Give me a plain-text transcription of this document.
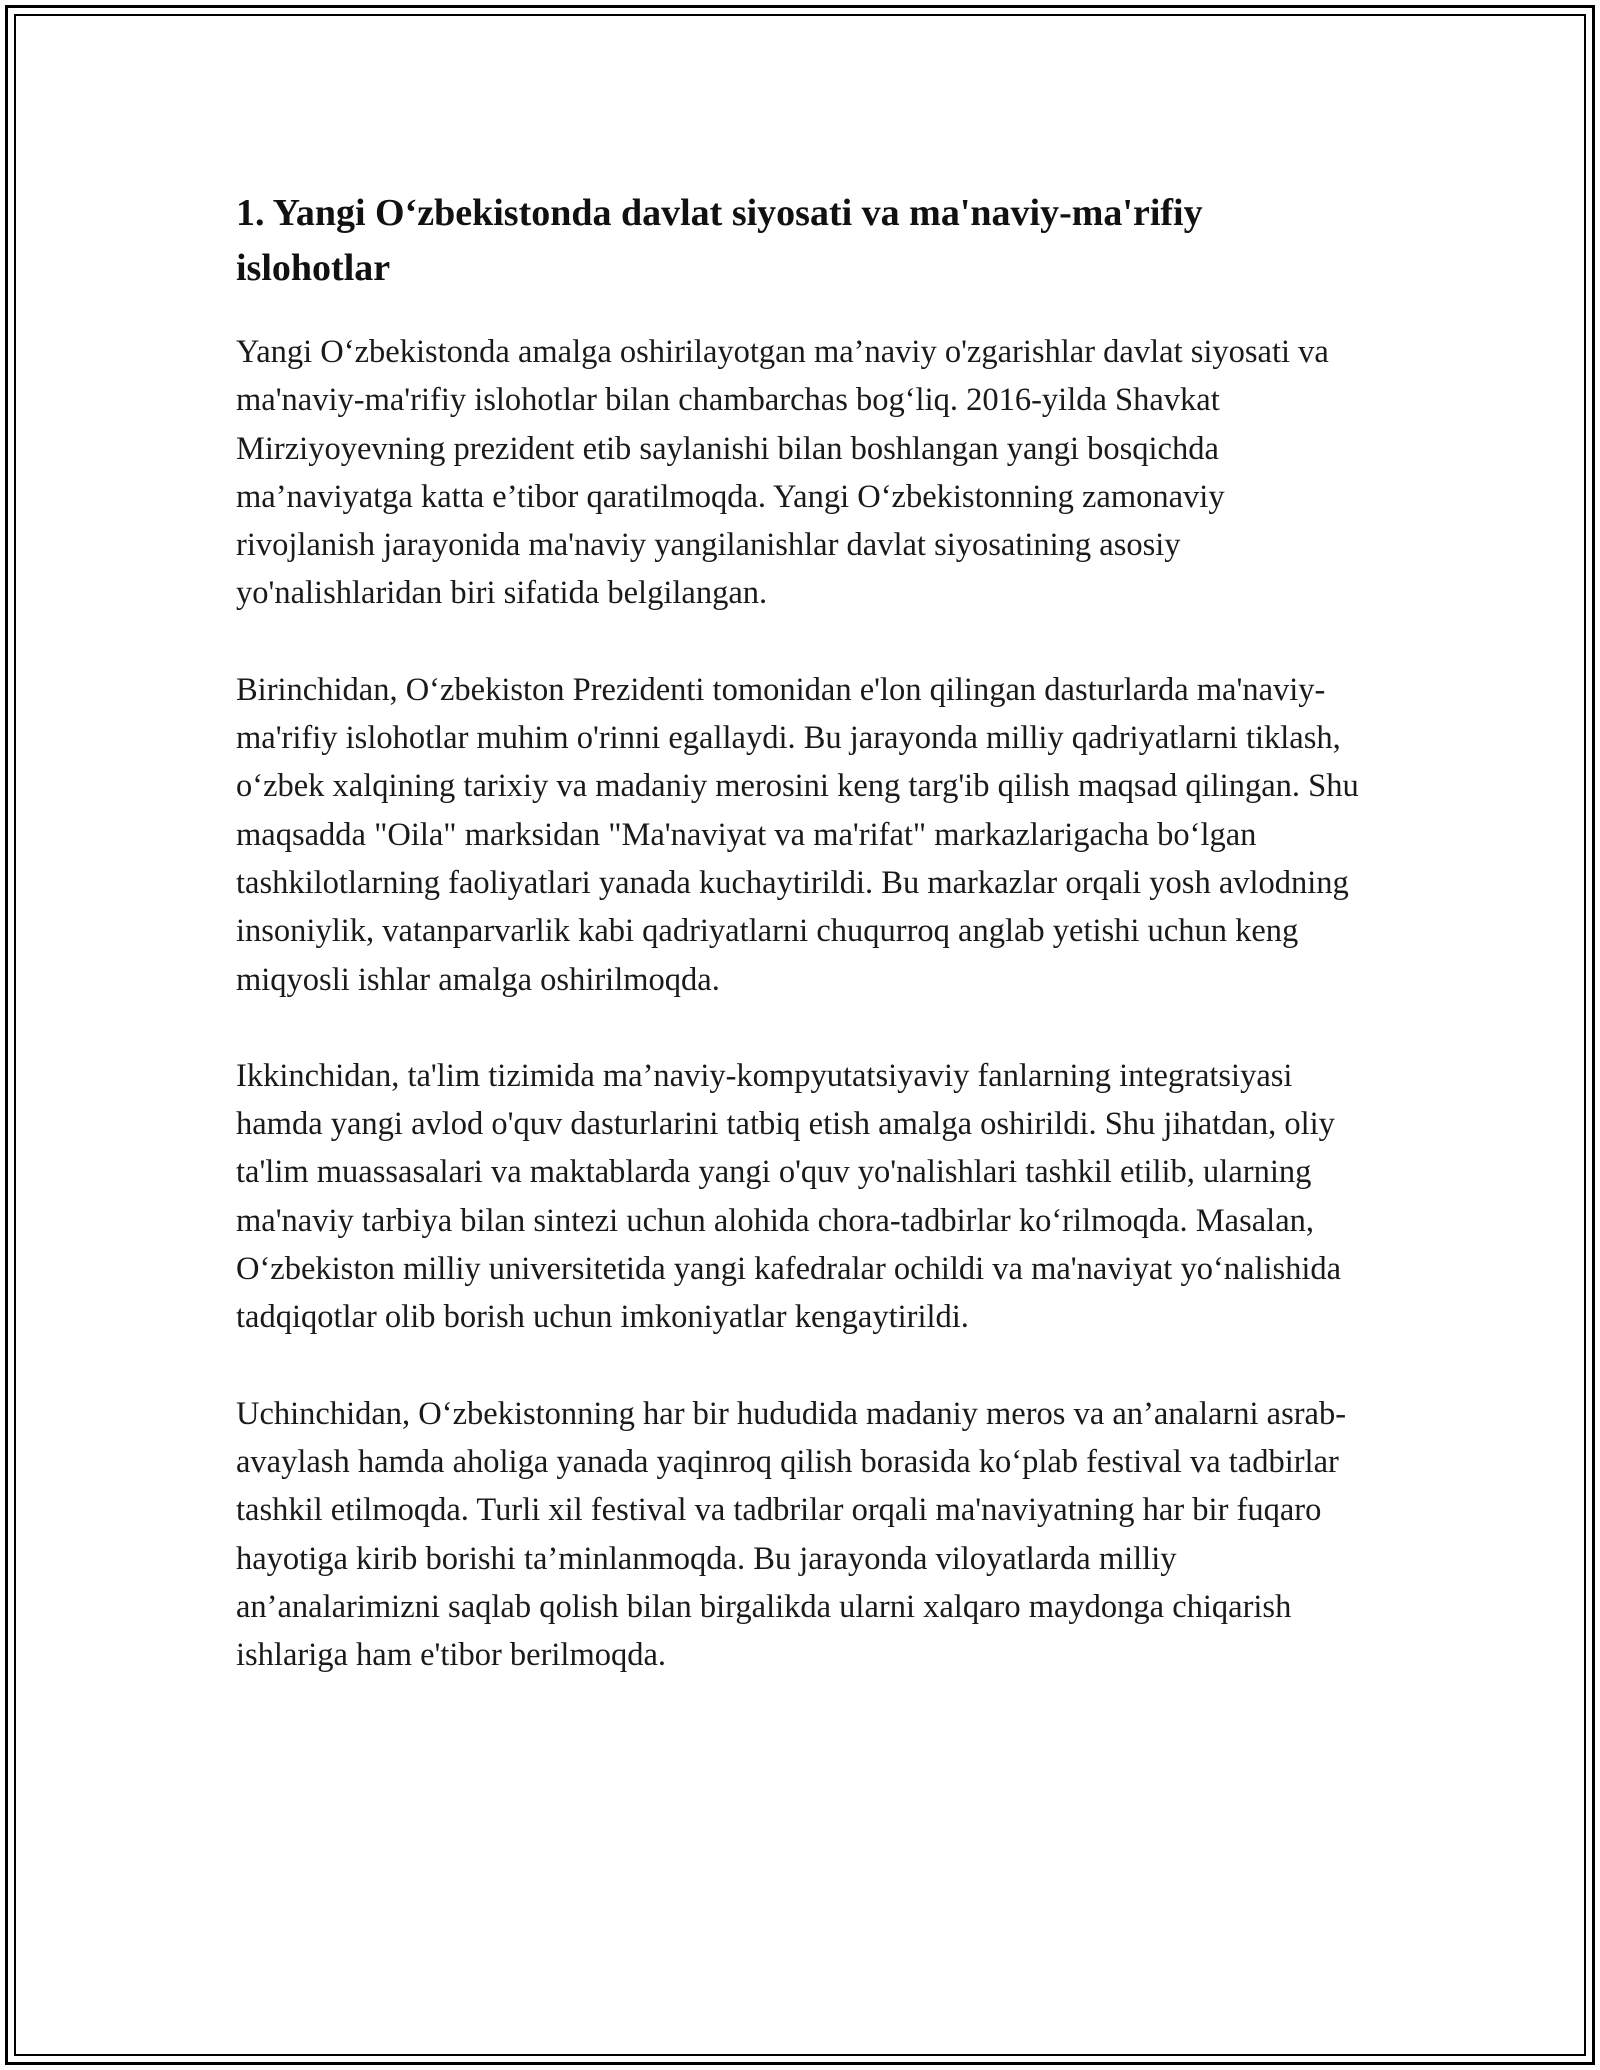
1. Yangi O‘zbekistonda davlat siyosati va ma'naviy-ma'rifiy islohotlar

Yangi O‘zbekistonda amalga oshirilayotgan ma’naviy o'zgarishlar davlat siyosati va ma'naviy-ma'rifiy islohotlar bilan chambarchas bog‘liq. 2016-yilda Shavkat Mirziyoyevning prezident etib saylanishi bilan boshlangan yangi bosqichda ma’naviyatga katta e’tibor qaratilmoqda. Yangi O‘zbekistonning zamonaviy rivojlanish jarayonida ma'naviy yangilanishlar davlat siyosatining asosiy yo'nalishlaridan biri sifatida belgilangan.

Birinchidan, O‘zbekiston Prezidenti tomonidan e'lon qilingan dasturlarda ma'naviy-ma'rifiy islohotlar muhim o'rinni egallaydi. Bu jarayonda milliy qadriyatlarni tiklash, o‘zbek xalqining tarixiy va madaniy merosini keng targ'ib qilish maqsad qilingan. Shu maqsadda "Oila" marksidan "Ma'naviyat va ma'rifat" markazlarigacha bo‘lgan tashkilotlarning faoliyatlari yanada kuchaytirildi. Bu markazlar orqali yosh avlodning insoniylik, vatanparvarlik kabi qadriyatlarni chuqurroq anglab yetishi uchun keng miqyosli ishlar amalga oshirilmoqda.

Ikkinchidan, ta'lim tizimida ma’naviy-kompyutatsiyaviy fanlarning integratsiyasi hamda yangi avlod o'quv dasturlarini tatbiq etish amalga oshirildi. Shu jihatdan, oliy ta'lim muassasalari va maktablarda yangi o'quv yo'nalishlari tashkil etilib, ularning ma'naviy tarbiya bilan sintezi uchun alohida chora-tadbirlar ko‘rilmoqda. Masalan, O‘zbekiston milliy universitetida yangi kafedralar ochildi va ma'naviyat yo‘nalishida tadqiqotlar olib borish uchun imkoniyatlar kengaytirildi.

Uchinchidan, O‘zbekistonning har bir hududida madaniy meros va an’analarni asrab-avaylash hamda aholiga yanada yaqinroq qilish borasida ko‘plab festival va tadbirlar tashkil etilmoqda. Turli xil festival va tadbrilar orqali ma'naviyatning har bir fuqaro hayotiga kirib borishi ta’minlanmoqda. Bu jarayonda viloyatlarda milliy an’analarimizni saqlab qolish bilan birgalikda ularni xalqaro maydonga chiqarish ishlariga ham e'tibor berilmoqda.
